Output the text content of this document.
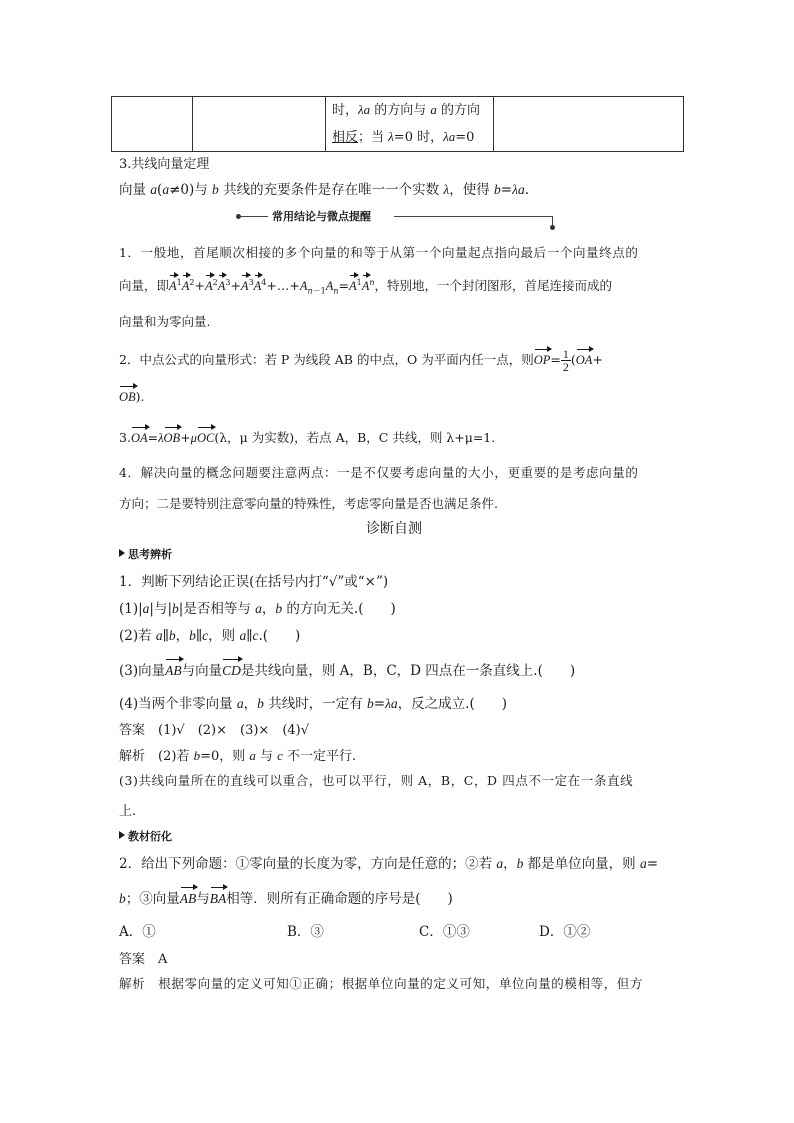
时，λa 的方向与 a 的方向
相反；当 λ=0 时，λa=0

3.共线向量定理
向量 a(a≠0)与 b 共线的充要条件是存在唯一一个实数 λ，使得 b=λa.
常用结论与微点提醒
1．一般地，首尾顺次相接的多个向量的和等于从第一个向量起点指向最后一个向量终点的
向量，即$A^1A^2+A^2A^3+A^3A^4+\dots+A_{n-1}A_n=A^1A^n$，特别地，一个封闭图形，首尾连接而成的
向量和为零向量.
2．中点公式的向量形式：若 P 为线段 AB 的中点，O 为平面内任一点，则$OP= \frac{1}{2} (OA+$
OB).
3.OA=λOB+μOC(λ，μ 为实数)，若点 A，B，C 共线，则 λ+μ=1.
4．解决向量的概念问题要注意两点：一是不仅要考虑向量的大小，更重要的是考虑向量的
方向；二是要特别注意零向量的特殊性，考虑零向量是否也满足条件.
诊断自测
思考辨析
1．判断下列结论正误(在括号内打“√”或“×”)
(1)|a|与|b|是否相等与 a，b 的方向无关.(　　)
(2)若 a∥b，b∥c，则 a∥c.(　　)
(3)向量AB与向量CD是共线向量，则 A，B，C，D 四点在一条直线上.(　　)
(4)当两个非零向量 a，b 共线时，一定有 b=λa，反之成立.(　　)
答案　(1)√　(2)×　(3)×　(4)√
解析　(2)若 b=0，则 a 与 c 不一定平行.
(3)共线向量所在的直线可以重合，也可以平行，则 A，B，C，D 四点不一定在一条直线
上.
教材衍化
2．给出下列命题：①零向量的长度为零，方向是任意的；②若 a，b 都是单位向量，则 a=
b；③向量AB与BA相等．则所有正确命题的序号是(　　)
A．①	B．③	C．①③	D．①②
答案　A
解析　根据零向量的定义可知①正确；根据单位向量的定义可知，单位向量的模相等，但方
